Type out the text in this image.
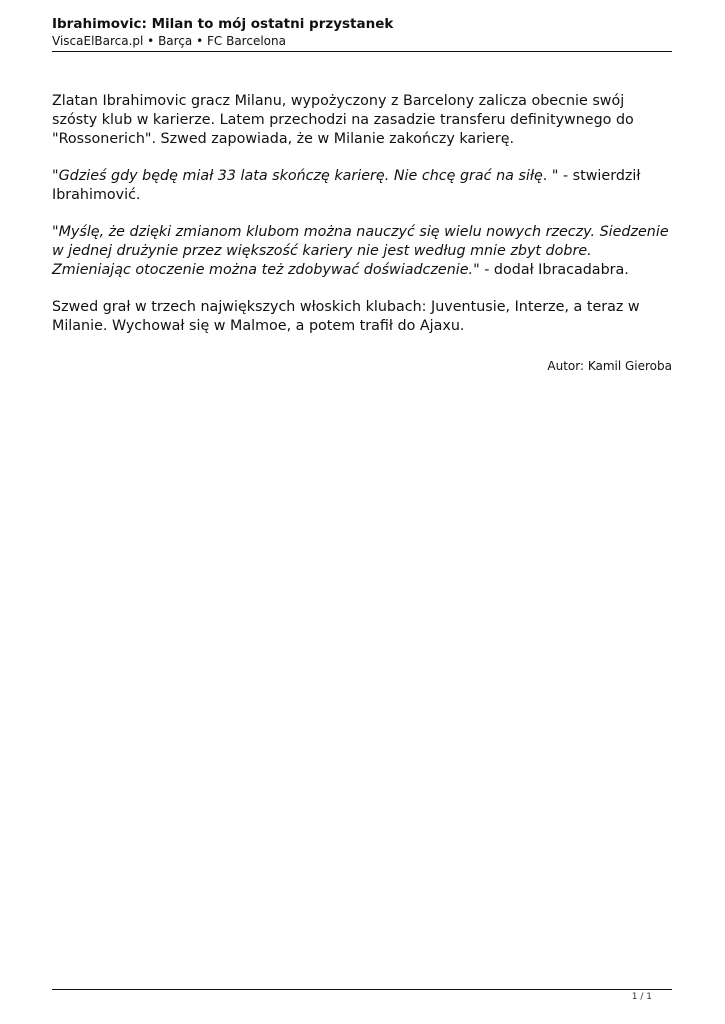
Ibrahimovic: Milan to mój ostatni przystanek

ViscaElBarca.pl • Barça • FC Barcelona

Zlatan Ibrahimovic gracz Milanu, wypożyczony z Barcelony zalicza obecnie swój szósty klub w karierze. Latem przechodzi na zasadzie transferu definitywnego do "Rossonerich". Szwed zapowiada, że w Milanie zakończy karierę.

"Gdzieś gdy będę miał 33 lata skończę karierę. Nie chcę grać na siłę. " - stwierdził Ibrahimović.

"Myślę, że dzięki zmianom klubom można nauczyć się wielu nowych rzeczy. Siedzenie w jednej drużynie przez większość kariery nie jest według mnie zbyt dobre. Zmieniając otoczenie można też zdobywać doświadczenie." - dodał Ibracadabra.

Szwed grał w trzech największych włoskich klubach: Juventusie, Interze, a teraz w Milanie. Wychował się w Malmoe, a potem trafił do Ajaxu.

Autor: Kamil Gieroba
1 / 1
